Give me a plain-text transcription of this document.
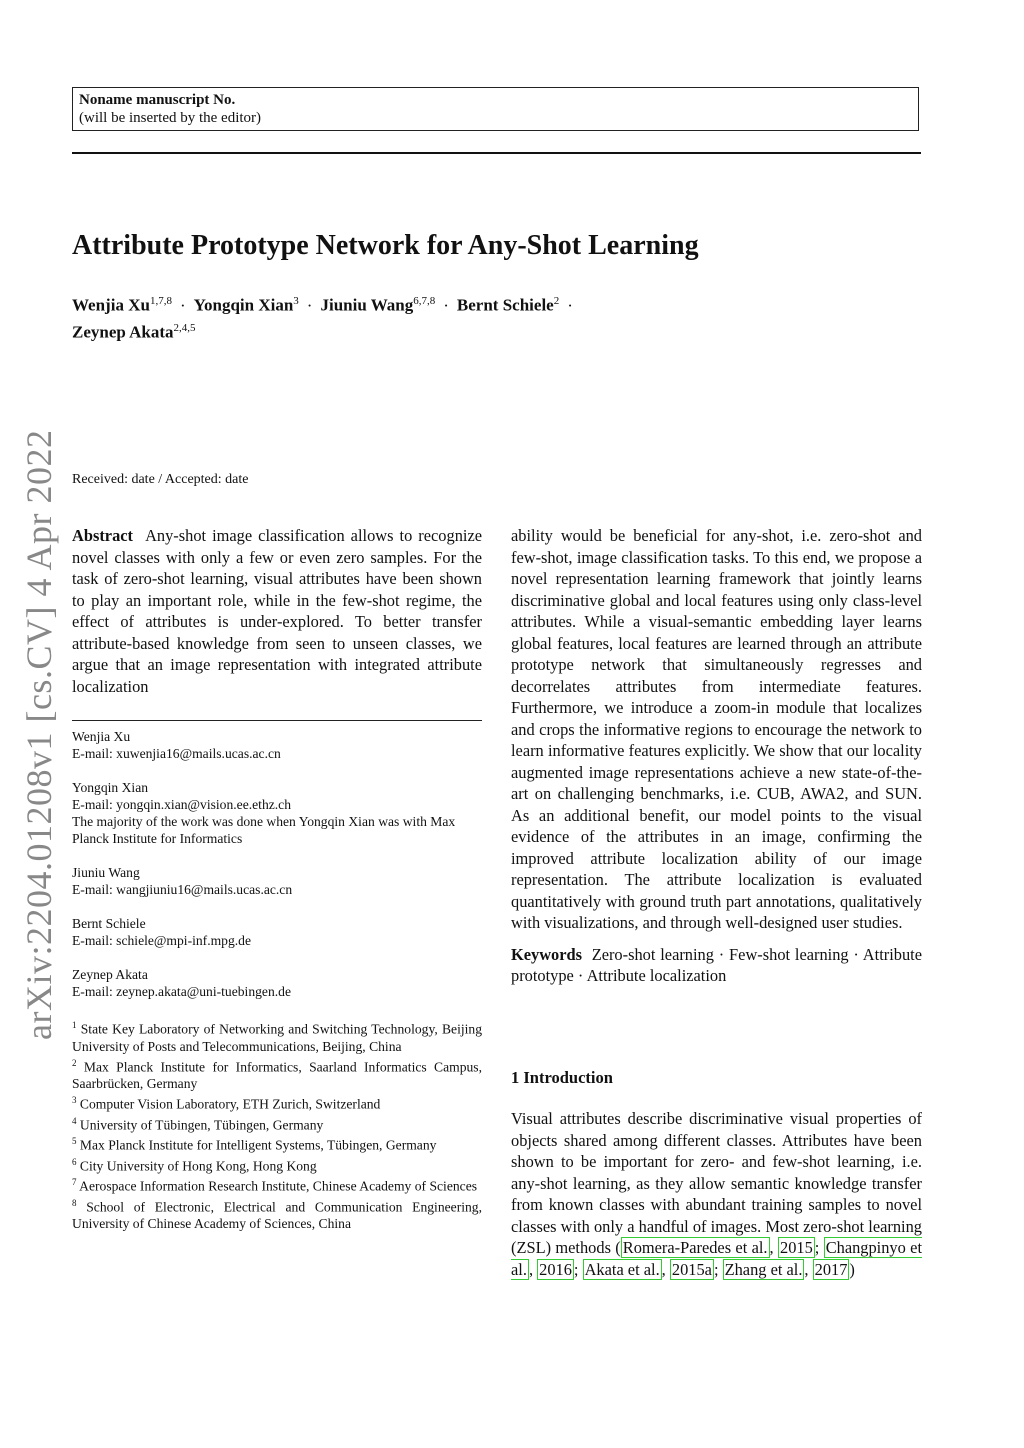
Noname manuscript No.
(will be inserted by the editor)
Attribute Prototype Network for Any-Shot Learning
Wenjia Xu$^{1,7,8}$ · Yongqin Xian$^3$ · Jiuniu Wang$^{6,7,8}$ · Bernt Schiele$^2$ ·
Zeynep Akata$^{2,4,5}$
Received: date / Accepted: date
arXiv:2204.01208v1 [cs.CV] 4 Apr 2022 Abstract Any-shot image classification allows to recognize novel classes with only a few or even zero samples. For the task of zero-shot learning, visual attributes have been shown to play an important role, while in the few-shot regime, the effect of attributes is under-explored. To better transfer attribute-based knowledge from seen to unseen classes, we argue that an image representation with integrated attribute localization

Wenjia Xu
E-mail: xuwenjia16@mails.ucas.ac.cn
Yongqin Xian
E-mail: yongqin.xian@vision.ee.ethz.ch
The majority of the work was done when Yongqin Xian was with Max Planck Institute for Informatics
Jiuniu Wang
E-mail: wangjiuniu16@mails.ucas.ac.cn
Bernt Schiele
E-mail: schiele@mpi-inf.mpg.de
Zeynep Akata
E-mail: zeynep.akata@uni-tuebingen.de
$^1$ State Key Laboratory of Networking and Switching Technology, Beijing University of Posts and Telecommunications, Beijing, China
$^2$ Max Planck Institute for Informatics, Saarland Informatics Campus, Saarbrücken, Germany
$^3$ Computer Vision Laboratory, ETH Zurich, Switzerland
$^4$ University of Tübingen, Tübingen, Germany
$^5$ Max Planck Institute for Intelligent Systems, Tübingen, Germany
$^6$ City University of Hong Kong, Hong Kong
$^7$ Aerospace Information Research Institute, Chinese Academy of Sciences
$^8$ School of Electronic, Electrical and Communication Engineering, University of Chinese Academy of Sciences, China

ability would be beneficial for any-shot, i.e. zero-shot and few-shot, image classification tasks. To this end, we propose a novel representation learning framework that jointly learns discriminative global and local features using only class-level attributes. While a visual-semantic embedding layer learns global features, local features are learned through an attribute prototype network that simultaneously regresses and decorrelates attributes from intermediate features. Furthermore, we introduce a zoom-in module that localizes and crops the informative regions to encourage the network to learn informative features explicitly. We show that our locality augmented image representations achieve a new state-of-the-art on challenging benchmarks, i.e. CUB, AWA2, and SUN. As an additional benefit, our model points to the visual evidence of the attributes in an image, confirming the improved attribute localization ability of our image representation. The attribute localization is evaluated quantitatively with ground truth part annotations, qualitatively with visualizations, and through well-designed user studies.

Keywords Zero-shot learning · Few-shot learning · Attribute prototype · Attribute localization

1 Introduction

Visual attributes describe discriminative visual properties of objects shared among different classes. Attributes have been shown to be important for zero- and few-shot learning, i.e. any-shot learning, as they allow semantic knowledge transfer from known classes with abundant training samples to novel classes with only a handful of images. Most zero-shot learning (ZSL) methods ( Romera-Paredes et al. , 2015 ; Changpinyo et al. , 2016 ; Akata et al. , 2015a ; Zhang et al. , 2017 )
